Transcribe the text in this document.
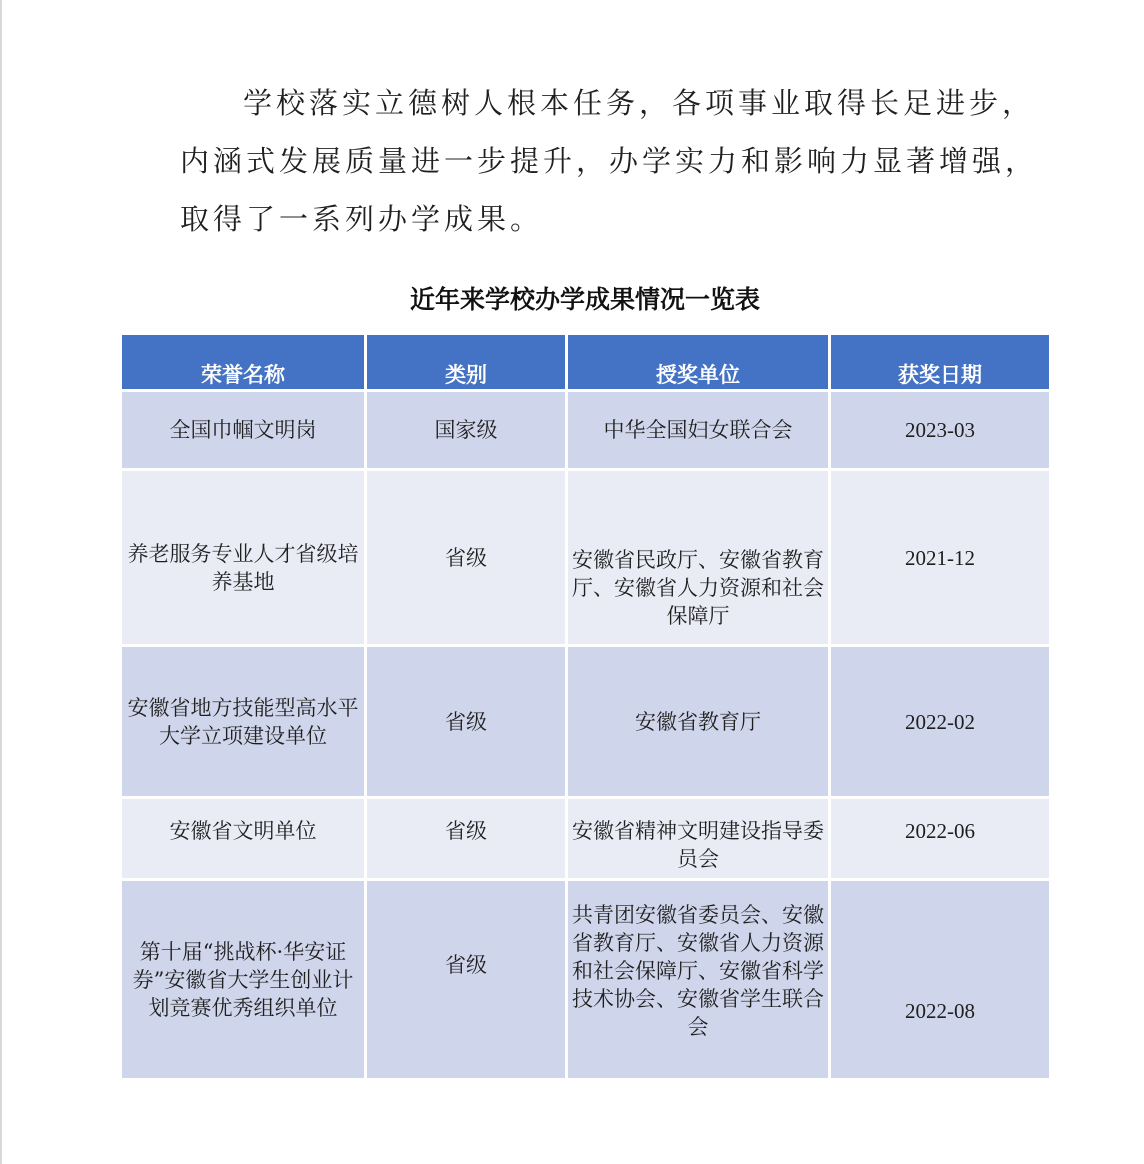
学校落实立德树人根本任务，各项事业取得长足进步，
内涵式发展质量进一步提升，办学实力和影响力显著增强，
取得了一系列办学成果。
近年来学校办学成果情况一览表
荣誉名称	类别	授奖单位	获奖日期
全国巾帼文明岗	国家级	中华全国妇女联合会	2023-03
养老服务专业人才省级培养基地	省级	安徽省民政厅、安徽省教育厅、安徽省人力资源和社会保障厅	2021-12
安徽省地方技能型高水平大学立项建设单位	省级	安徽省教育厅	2022-02
安徽省文明单位	省级	安徽省精神文明建设指导委员会	2022-06
第十届“挑战杯·华安证券”安徽省大学生创业计划竞赛优秀组织单位	省级	共青团安徽省委员会、安徽省教育厅、安徽省人力资源和社会保障厅、安徽省科学技术协会、安徽省学生联合会	2022-08
